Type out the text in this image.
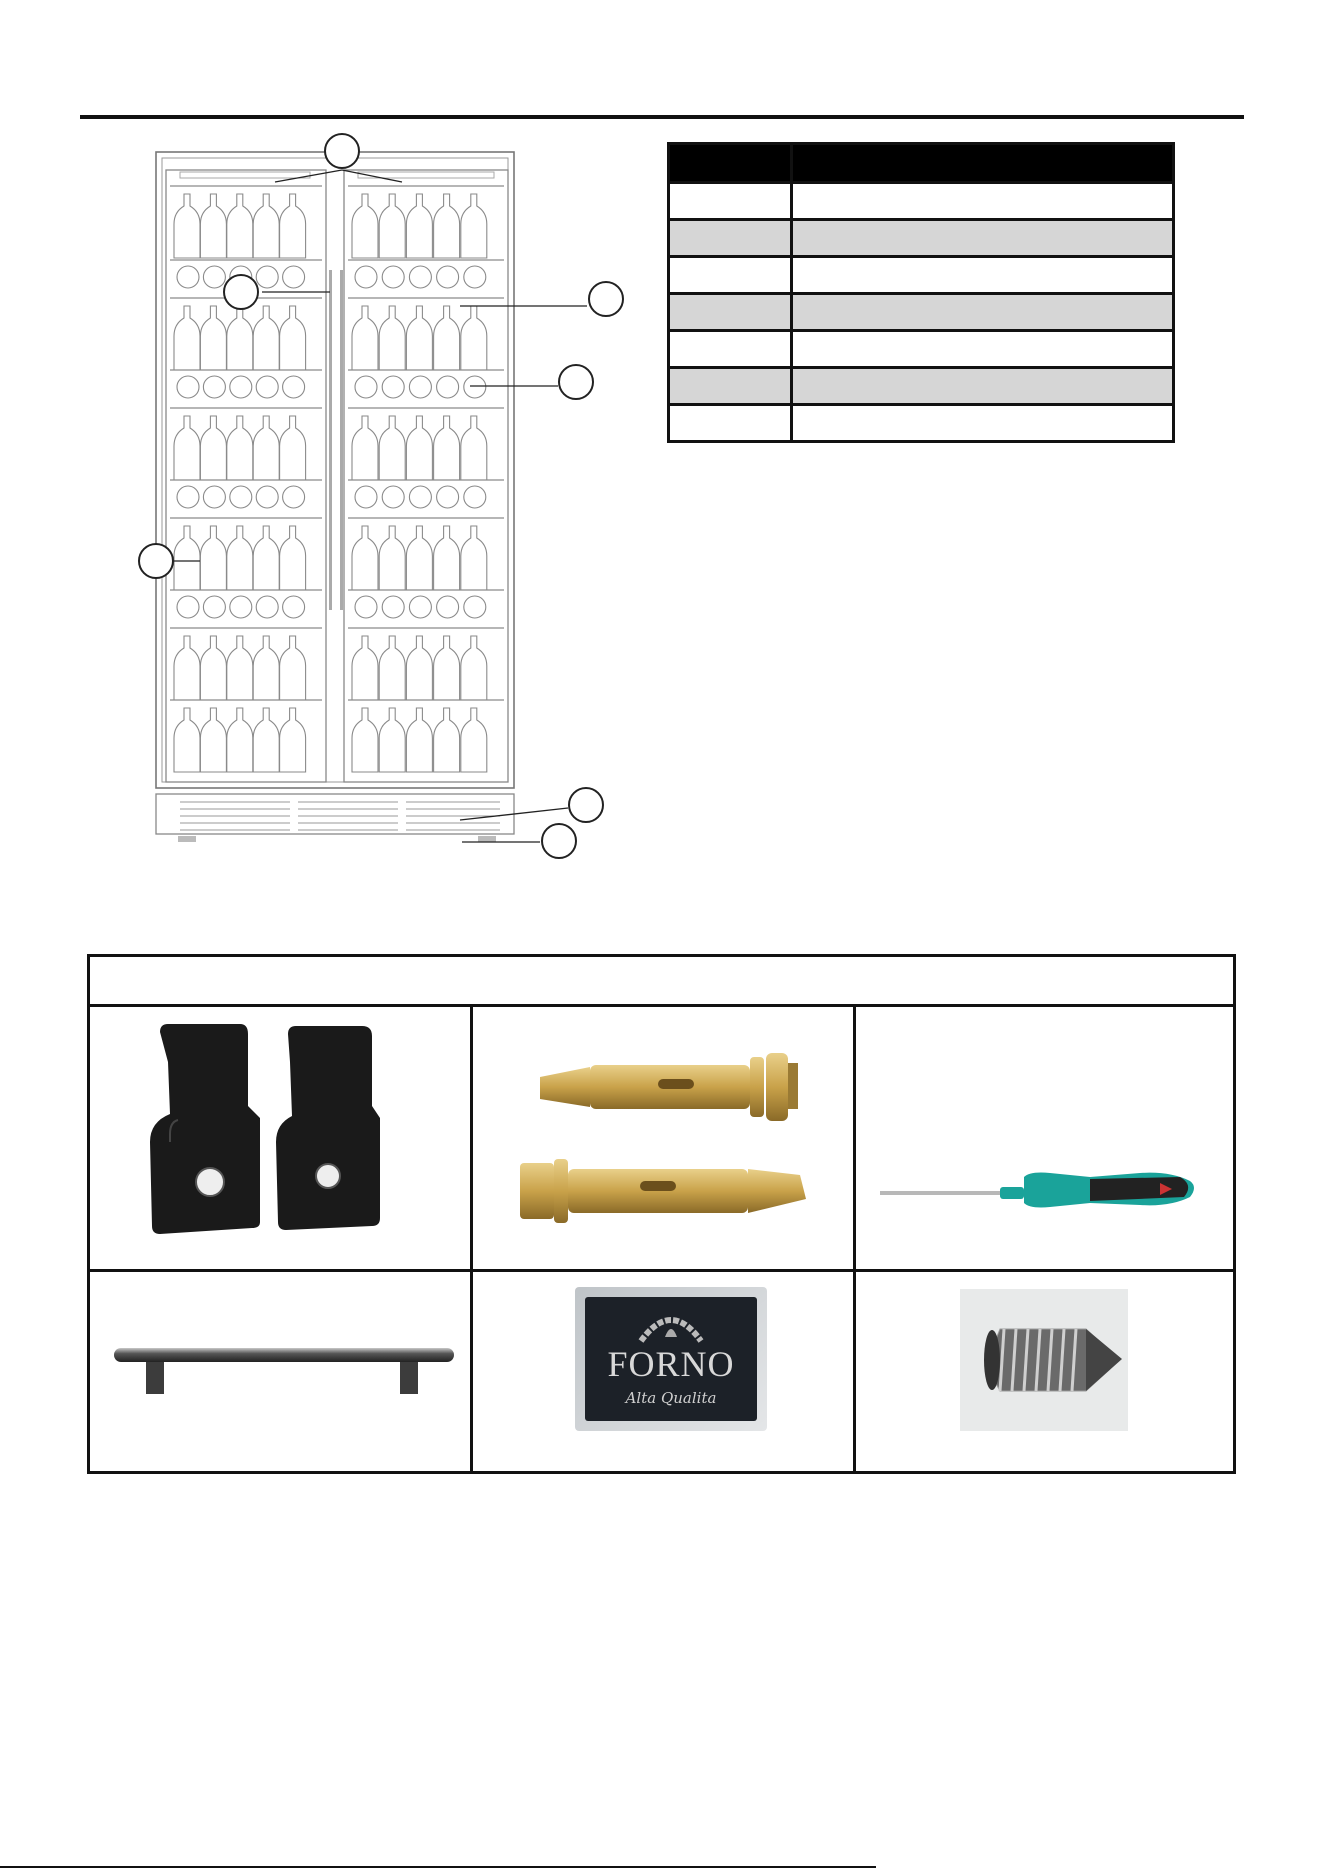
FORNO
Alta Qualita
